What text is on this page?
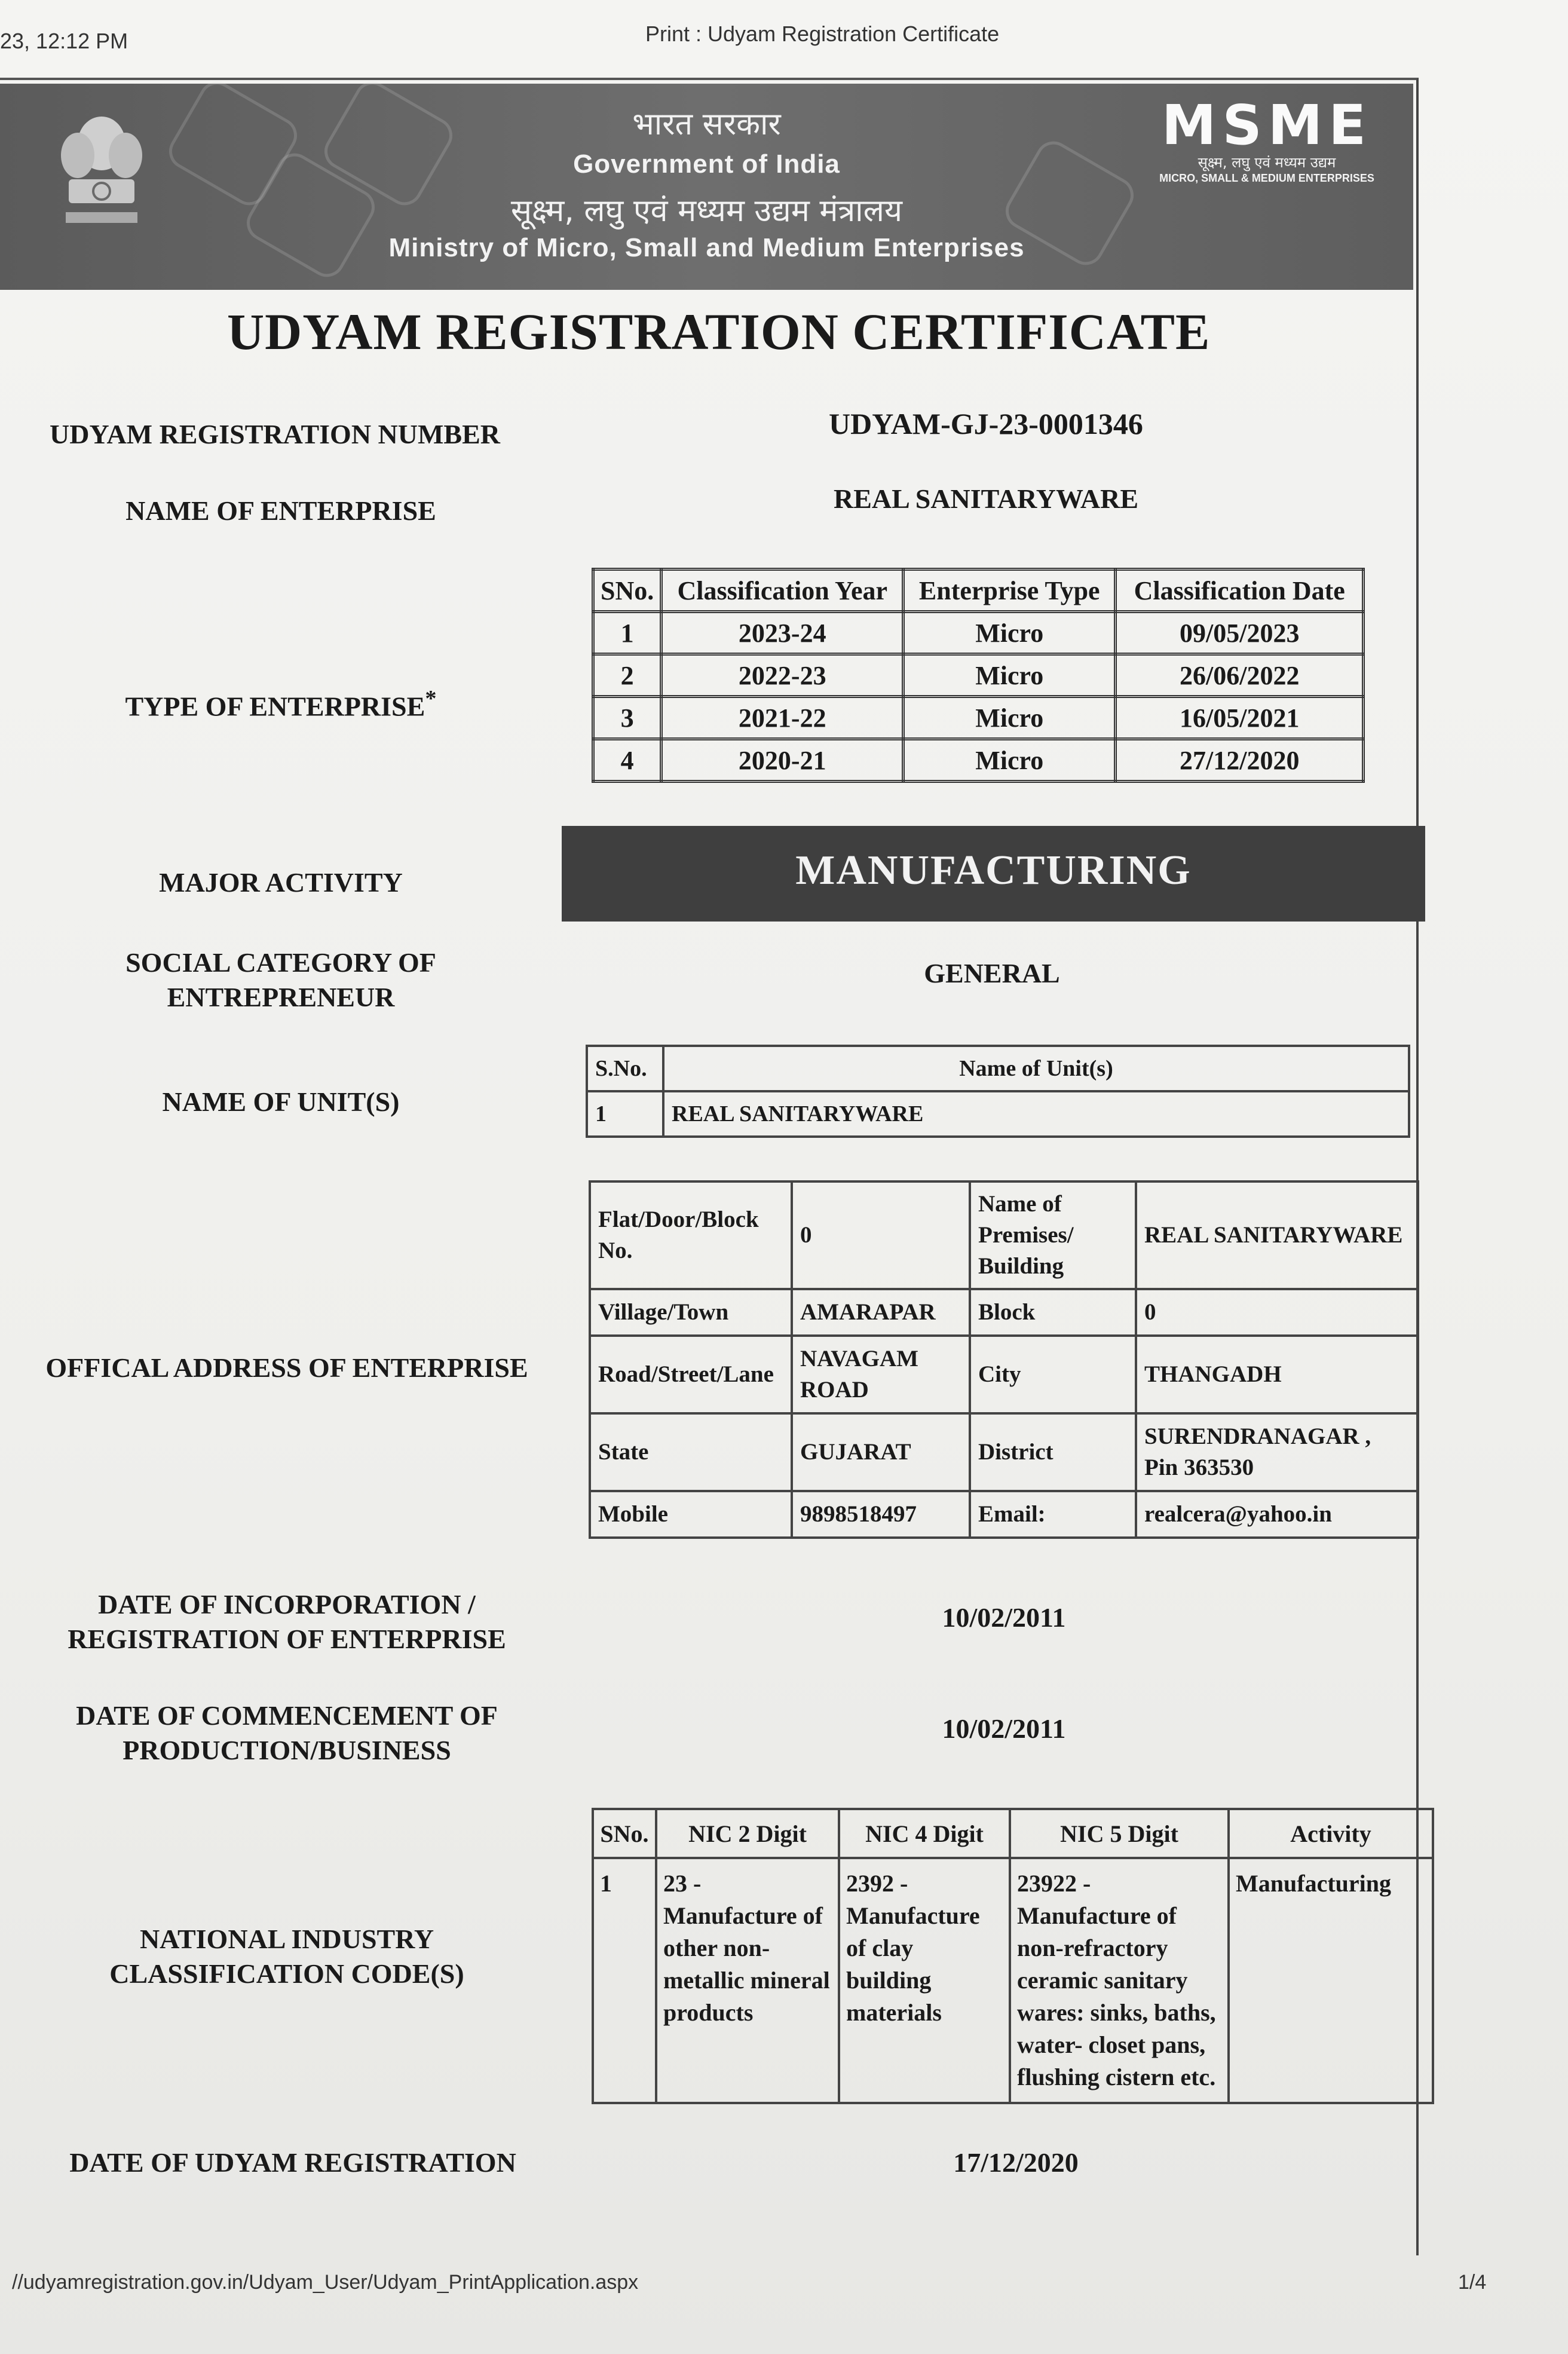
23, 12:12 PM	Print : Udyam Registration Certificate
भारत सरकार
Government of India
सूक्ष्म, लघु एवं मध्यम उद्यम मंत्रालय
Ministry of Micro, Small and Medium Enterprises
MSME
सूक्ष्म, लघु एवं मध्यम उद्यम
MICRO, SMALL & MEDIUM ENTERPRISES
UDYAM REGISTRATION CERTIFICATE
UDYAM REGISTRATION NUMBER	UDYAM-GJ-23-0001346
NAME OF ENTERPRISE	REAL SANITARYWARE
TYPE OF ENTERPRISE*
SNo.	Classification Year	Enterprise Type	Classification Date
1	2023-24	Micro	09/05/2023
2	2022-23	Micro	26/06/2022
3	2021-22	Micro	16/05/2021
4	2020-21	Micro	27/12/2020
MAJOR ACTIVITY	MANUFACTURING
SOCIAL CATEGORY OF
ENTREPRENEUR
GENERAL
NAME OF UNIT(S)
S.No.	Name of Unit(s)
1	REAL SANITARYWARE
OFFICAL ADDRESS OF ENTERPRISE
Flat/Door/Block No.	0	Name of Premises/ Building	REAL SANITARYWARE
Village/Town	AMARAPAR	Block	0
Road/Street/Lane	NAVAGAM ROAD	City	THANGADH
State	GUJARAT	District	SURENDRANAGAR , Pin 363530
Mobile	9898518497	Email:	realcera@yahoo.in
DATE OF INCORPORATION /
REGISTRATION OF ENTERPRISE
10/02/2011
DATE OF COMMENCEMENT OF
PRODUCTION/BUSINESS
10/02/2011
NATIONAL INDUSTRY
CLASSIFICATION CODE(S)
SNo.	NIC 2 Digit	NIC 4 Digit	NIC 5 Digit	Activity
1	23 - Manufacture of other non-metallic mineral products	2392 - Manufacture of clay building materials	23922 - Manufacture of non-refractory ceramic sanitary wares: sinks, baths, water- closet pans, flushing cistern etc.	Manufacturing
DATE OF UDYAM REGISTRATION	17/12/2020
//udyamregistration.gov.in/Udyam_User/Udyam_PrintApplication.aspx	1/4
